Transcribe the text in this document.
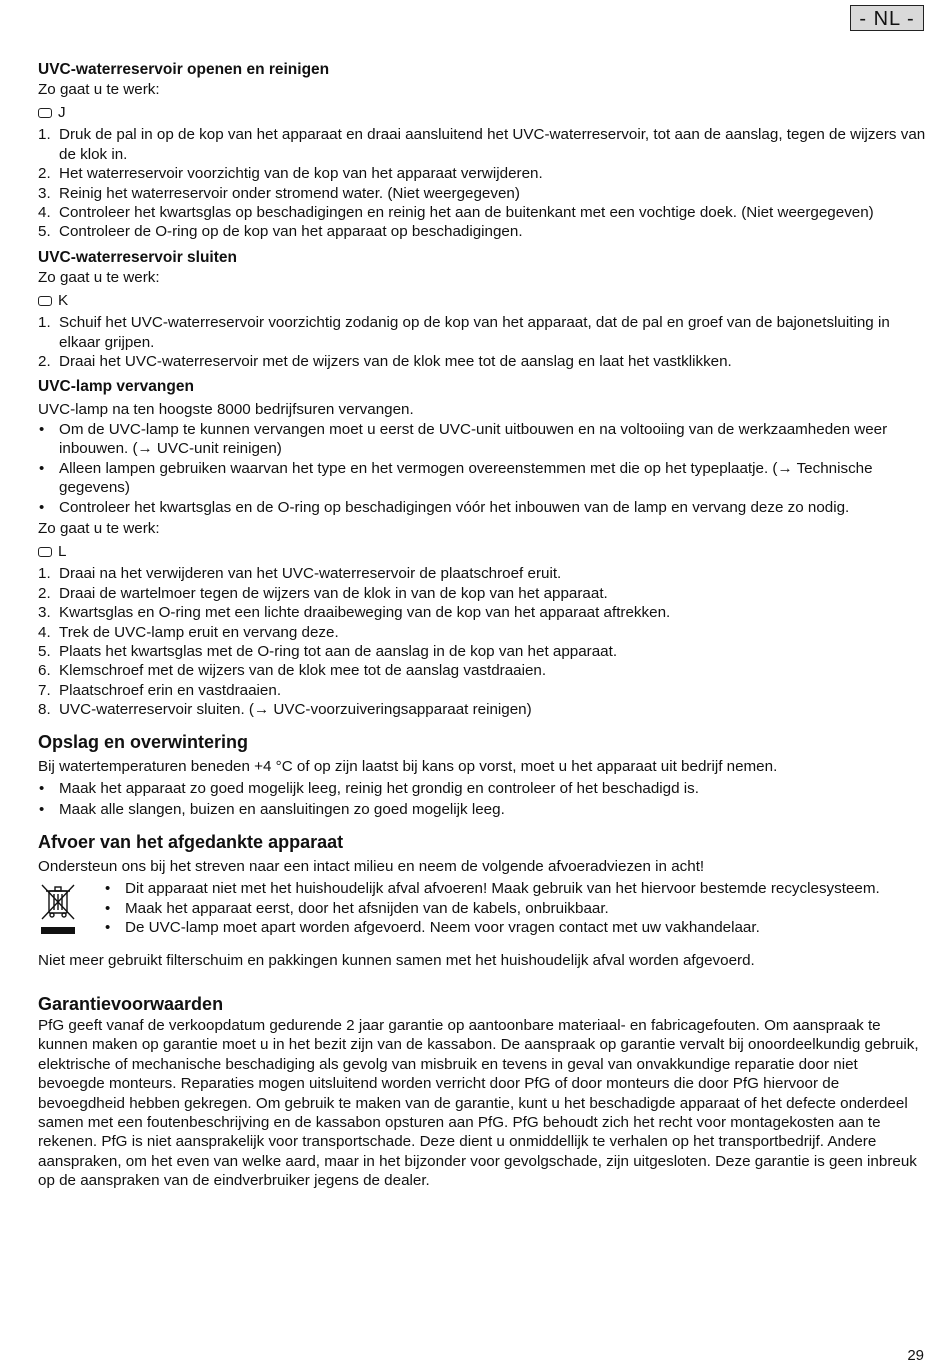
- NL -
UVC-waterreservoir openen en reinigen

Zo gaat u te werk:

J
1. Druk de pal in op de kop van het apparaat en draai aansluitend het UVC-waterreservoir, tot aan de aanslag, tegen de wijzers van de klok in.
2. Het waterreservoir voorzichtig van de kop van het apparaat verwijderen.
3. Reinig het waterreservoir onder stromend water. (Niet weergegeven)
4. Controleer het kwartsglas op beschadigingen en reinig het aan de buitenkant met een vochtige doek. (Niet weergegeven)
5. Controleer de O-ring op de kop van het apparaat op beschadigingen.
UVC-waterreservoir sluiten

Zo gaat u te werk:

K
1. Schuif het UVC-waterreservoir voorzichtig zodanig op de kop van het apparaat, dat de pal en groef van de bajonetsluiting in elkaar grijpen.
2. Draai het UVC-waterreservoir met de wijzers van de klok mee tot de aanslag en laat het vastklikken.
UVC-lamp vervangen

UVC-lamp na ten hoogste 8000 bedrijfsuren vervangen.

• Om de UVC-lamp te kunnen vervangen moet u eerst de UVC-unit uitbouwen en na voltooiing van de werkzaamheden weer inbouwen. (→ UVC-unit reinigen)
• Alleen lampen gebruiken waarvan het type en het vermogen overeenstemmen met die op het typeplaatje. (→ Technische gegevens)
• Controleer het kwartsglas en de O-ring op beschadigingen vóór het inbouwen van de lamp en vervang deze zo nodig.

Zo gaat u te werk:

L
1. Draai na het verwijderen van het UVC-waterreservoir de plaatschroef eruit.
2. Draai de wartelmoer tegen de wijzers van de klok in van de kop van het apparaat.
3. Kwartsglas en O-ring met een lichte draaibeweging van de kop van het apparaat aftrekken.
4. Trek de UVC-lamp eruit en vervang deze.
5. Plaats het kwartsglas met de O-ring tot aan de aanslag in de kop van het apparaat.
6. Klemschroef met de wijzers van de klok mee tot de aanslag vastdraaien.
7. Plaatschroef erin en vastdraaien.
8. UVC-waterreservoir sluiten. (→ UVC-voorzuiveringsapparaat reinigen)
Opslag en overwintering

Bij watertemperaturen beneden +4 °C of op zijn laatst bij kans op vorst, moet u het apparaat uit bedrijf nemen.

• Maak het apparaat zo goed mogelijk leeg, reinig het grondig en controleer of het beschadigd is.
• Maak alle slangen, buizen en aansluitingen zo goed mogelijk leeg.
Afvoer van het afgedankte apparaat

Ondersteun ons bij het streven naar een intact milieu en neem de volgende afvoeradviezen in acht!

• Dit apparaat niet met het huishoudelijk afval afvoeren! Maak gebruik van het hiervoor bestemde recyclesysteem.
• Maak het apparaat eerst, door het afsnijden van de kabels, onbruikbaar.
• De UVC-lamp moet apart worden afgevoerd. Neem voor vragen contact met uw vakhandelaar.

Niet meer gebruikt filterschuim en pakkingen kunnen samen met het huishoudelijk afval worden afgevoerd.

Garantievoorwaarden

PfG geeft vanaf de verkoopdatum gedurende 2 jaar garantie op aantoonbare materiaal- en fabricagefouten. Om aanspraak te kunnen maken op garantie moet u in het bezit zijn van de kassabon. De aanspraak op garantie vervalt bij onoordeelkundig gebruik, elektrische of mechanische beschadiging als gevolg van misbruik en tevens in geval van onvakkundige reparatie door niet bevoegde monteurs. Reparaties mogen uitsluitend worden verricht door PfG of door monteurs die door PfG hiervoor de bevoegdheid hebben gekregen. Om gebruik te maken van de garantie, kunt u het beschadigde apparaat of het defecte onderdeel samen met een foutenbeschrijving en de kassabon opsturen aan PfG. PfG behoudt zich het recht voor montagekosten aan te rekenen. PfG is niet aansprakelijk voor transportschade. Deze dient u onmiddellijk te verhalen op het transportbedrijf. Andere aanspraken, om het even van welke aard, maar in het bijzonder voor gevolgschade, zijn uitgesloten. Deze garantie is geen inbreuk op de aanspraken van de eindverbruiker jegens de dealer.

29
